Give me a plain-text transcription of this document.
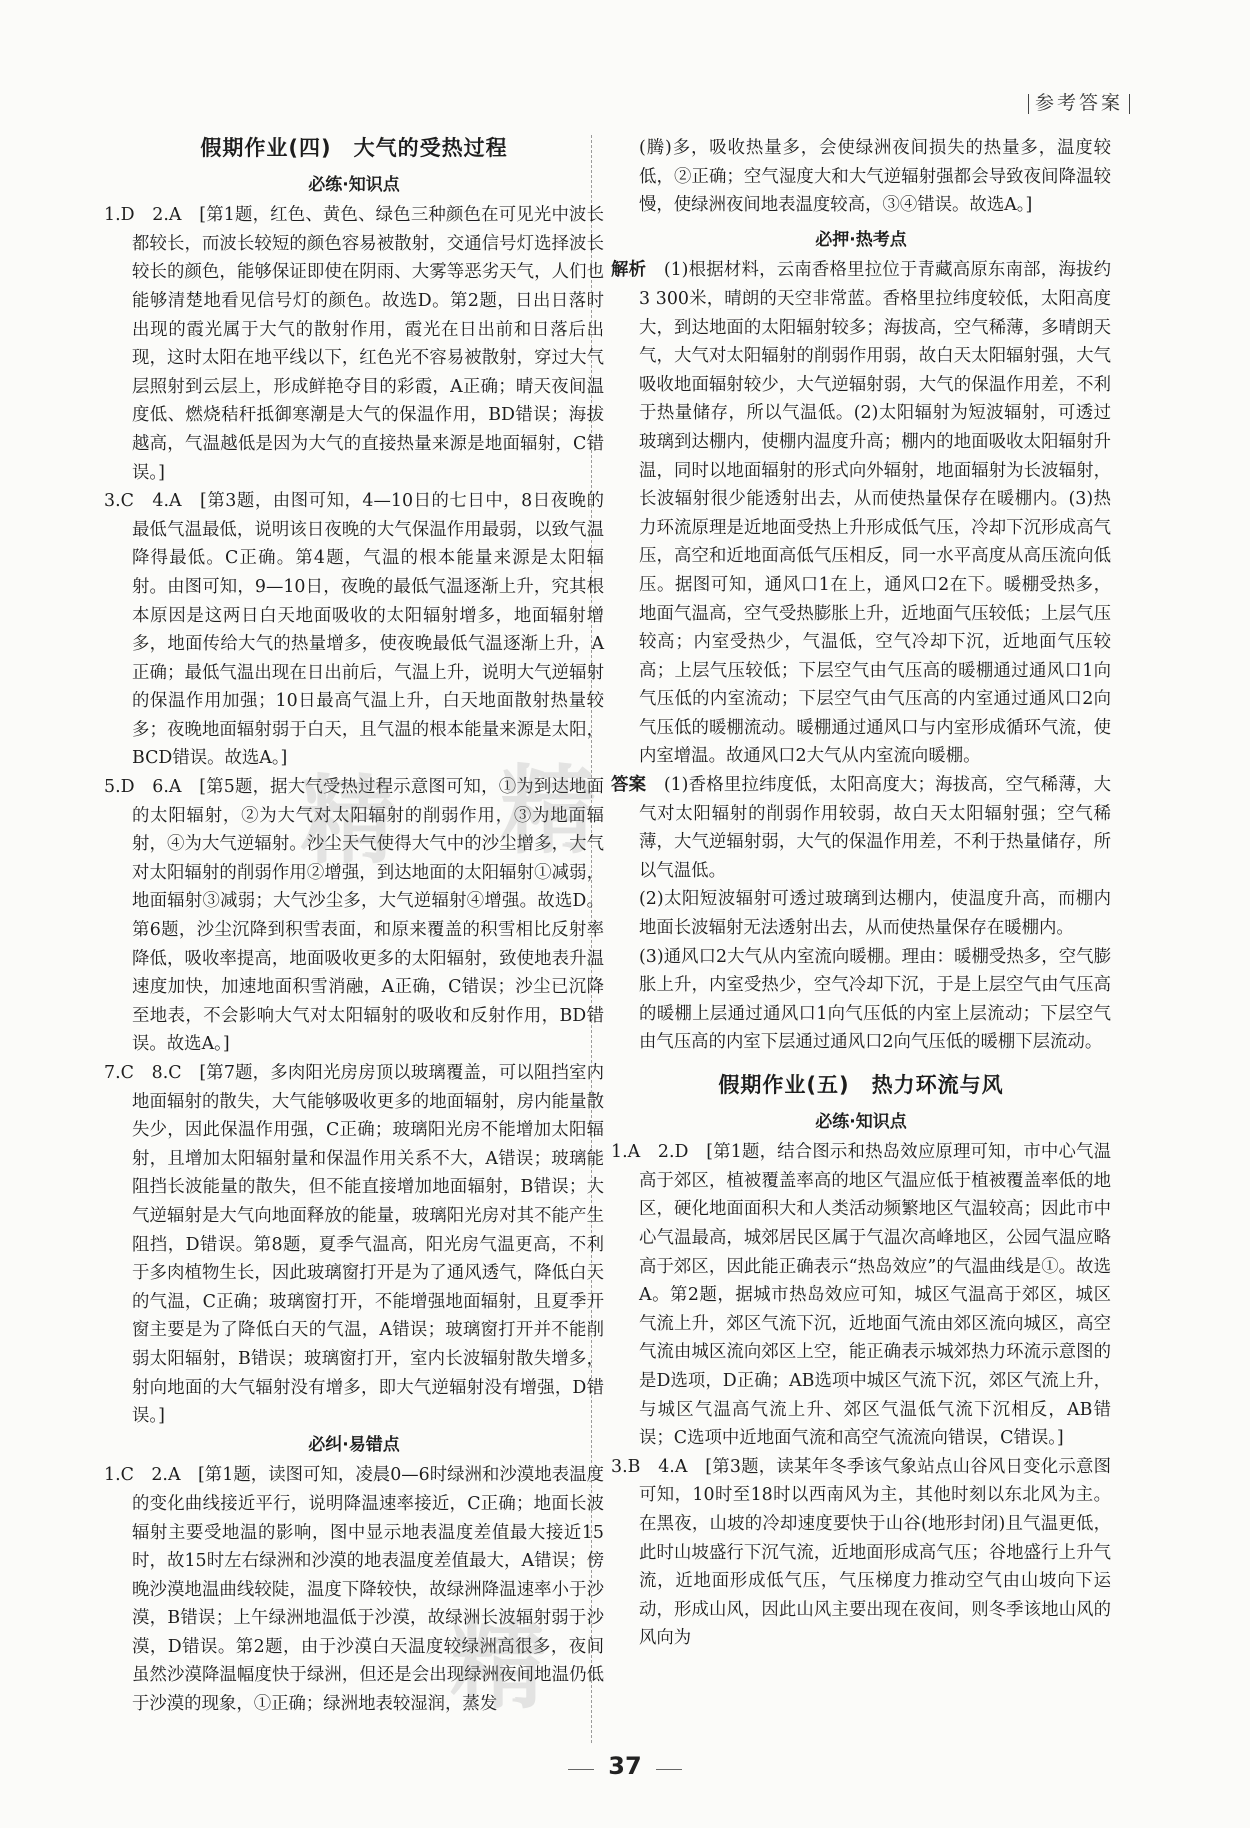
参考答案
假期作业(四)　大气的受热过程
必练·知识点

1.D　2.A　[第1题，红色、黄色、绿色三种颜色在可见光中波长都较长，而波长较短的颜色容易被散射，交通信号灯选择波长较长的颜色，能够保证即使在阴雨、大雾等恶劣天气，人们也能够清楚地看见信号灯的颜色。故选D。第2题，日出日落时出现的霞光属于大气的散射作用，霞光在日出前和日落后出现，这时太阳在地平线以下，红色光不容易被散射，穿过大气层照射到云层上，形成鲜艳夺目的彩霞，A正确；晴天夜间温度低、燃烧秸秆抵御寒潮是大气的保温作用，BD错误；海拔越高，气温越低是因为大气的直接热量来源是地面辐射，C错误。]

3.C　4.A　[第3题，由图可知，4—10日的七日中，8日夜晚的最低气温最低，说明该日夜晚的大气保温作用最弱，以致气温降得最低。C正确。第4题，气温的根本能量来源是太阳辐射。由图可知，9—10日，夜晚的最低气温逐渐上升，究其根本原因是这两日白天地面吸收的太阳辐射增多，地面辐射增多，地面传给大气的热量增多，使夜晚最低气温逐渐上升，A正确；最低气温出现在日出前后，气温上升，说明大气逆辐射的保温作用加强；10日最高气温上升，白天地面散射热量较多；夜晚地面辐射弱于白天，且气温的根本能量来源是太阳，BCD错误。故选A。]

5.D　6.A　[第5题，据大气受热过程示意图可知，①为到达地面的太阳辐射，②为大气对太阳辐射的削弱作用，③为地面辐射，④为大气逆辐射。沙尘天气使得大气中的沙尘增多，大气对太阳辐射的削弱作用②增强，到达地面的太阳辐射①减弱，地面辐射③减弱；大气沙尘多，大气逆辐射④增强。故选D。第6题，沙尘沉降到积雪表面，和原来覆盖的积雪相比反射率降低，吸收率提高，地面吸收更多的太阳辐射，致使地表升温速度加快，加速地面积雪消融，A正确，C错误；沙尘已沉降至地表，不会影响大气对太阳辐射的吸收和反射作用，BD错误。故选A。]

7.C　8.C　[第7题，多肉阳光房房顶以玻璃覆盖，可以阻挡室内地面辐射的散失，大气能够吸收更多的地面辐射，房内能量散失少，因此保温作用强，C正确；玻璃阳光房不能增加太阳辐射，且增加太阳辐射量和保温作用关系不大，A错误；玻璃能阻挡长波能量的散失，但不能直接增加地面辐射，B错误；大气逆辐射是大气向地面释放的能量，玻璃阳光房对其不能产生阻挡，D错误。第8题，夏季气温高，阳光房气温更高，不利于多肉植物生长，因此玻璃窗打开是为了通风透气，降低白天的气温，C正确；玻璃窗打开，不能增强地面辐射，且夏季开窗主要是为了降低白天的气温，A错误；玻璃窗打开并不能削弱太阳辐射，B错误；玻璃窗打开，室内长波辐射散失增多，射向地面的大气辐射没有增多，即大气逆辐射没有增强，D错误。]

必纠·易错点

1.C　2.A　[第1题，读图可知，凌晨0—6时绿洲和沙漠地表温度的变化曲线接近平行，说明降温速率接近，C正确；地面长波辐射主要受地温的影响，图中显示地表温度差值最大接近15时，故15时左右绿洲和沙漠的地表温度差值最大，A错误；傍晚沙漠地温曲线较陡，温度下降较快，故绿洲降温速率小于沙漠，B错误；上午绿洲地温低于沙漠，故绿洲长波辐射弱于沙漠，D错误。第2题，由于沙漠白天温度较绿洲高很多，夜间虽然沙漠降温幅度快于绿洲，但还是会出现绿洲夜间地温仍低于沙漠的现象，①正确；绿洲地表较湿润，蒸发

(腾)多，吸收热量多，会使绿洲夜间损失的热量多，温度较低，②正确；空气湿度大和大气逆辐射强都会导致夜间降温较慢，使绿洲夜间地表温度较高，③④错误。故选A。]

必押·热考点

解析　 (1)根据材料，云南香格里拉位于青藏高原东南部，海拔约3 300米，晴朗的天空非常蓝。香格里拉纬度较低，太阳高度大，到达地面的太阳辐射较多；海拔高，空气稀薄，多晴朗天气，大气对太阳辐射的削弱作用弱，故白天太阳辐射强，大气吸收地面辐射较少，大气逆辐射弱，大气的保温作用差，不利于热量储存，所以气温低。(2)太阳辐射为短波辐射，可透过玻璃到达棚内，使棚内温度升高；棚内的地面吸收太阳辐射升温，同时以地面辐射的形式向外辐射，地面辐射为长波辐射，长波辐射很少能透射出去，从而使热量保存在暖棚内。(3)热力环流原理是近地面受热上升形成低气压，冷却下沉形成高气压，高空和近地面高低气压相反，同一水平高度从高压流向低压。据图可知，通风口1在上，通风口2在下。暖棚受热多，地面气温高，空气受热膨胀上升，近地面气压较低；上层气压较高；内室受热少，气温低，空气冷却下沉，近地面气压较高；上层气压较低；下层空气由气压高的暖棚通过通风口1向气压低的内室流动；下层空气由气压高的内室通过通风口2向气压低的暖棚流动。暖棚通过通风口与内室形成循环气流，使内室增温。故通风口2大气从内室流向暖棚。

答案　 (1)香格里拉纬度低，太阳高度大；海拔高，空气稀薄，大气对太阳辐射的削弱作用较弱，故白天太阳辐射强；空气稀薄，大气逆辐射弱，大气的保温作用差，不利于热量储存，所以气温低。

(2)太阳短波辐射可透过玻璃到达棚内，使温度升高，而棚内地面长波辐射无法透射出去，从而使热量保存在暖棚内。

(3)通风口2大气从内室流向暖棚。理由：暖棚受热多，空气膨胀上升，内室受热少，空气冷却下沉，于是上层空气由气压高的暖棚上层通过通风口1向气压低的内室上层流动；下层空气由气压高的内室下层通过通风口2向气压低的暖棚下层流动。

假期作业(五)　热力环流与风
必练·知识点

1.A　2.D　[第1题，结合图示和热岛效应原理可知，市中心气温高于郊区，植被覆盖率高的地区气温应低于植被覆盖率低的地区，硬化地面面积大和人类活动频繁地区气温较高；因此市中心气温最高，城郊居民区属于气温次高峰地区，公园气温应略高于郊区，因此能正确表示“热岛效应”的气温曲线是①。故选A。第2题，据城市热岛效应可知，城区气温高于郊区，城区气流上升，郊区气流下沉，近地面气流由郊区流向城区，高空气流由城区流向郊区上空，能正确表示城郊热力环流示意图的是D选项，D正确；AB选项中城区气流下沉，郊区气流上升，与城区气温高气流上升、郊区气温低气流下沉相反，AB错误；C选项中近地面气流和高空气流流向错误，C错误。]

3.B　4.A　[第3题，读某年冬季该气象站点山谷风日变化示意图可知，10时至18时以西南风为主，其他时刻以东北风为主。在黑夜，山坡的冷却速度要快于山谷(地形封闭)且气温更低，此时山坡盛行下沉气流，近地面形成高气压；谷地盛行上升气流，近地面形成低气压，气压梯度力推动空气由山坡向下运动，形成山风，因此山风主要出现在夜间，则冬季该地山风的风向为

精 精
精
37
